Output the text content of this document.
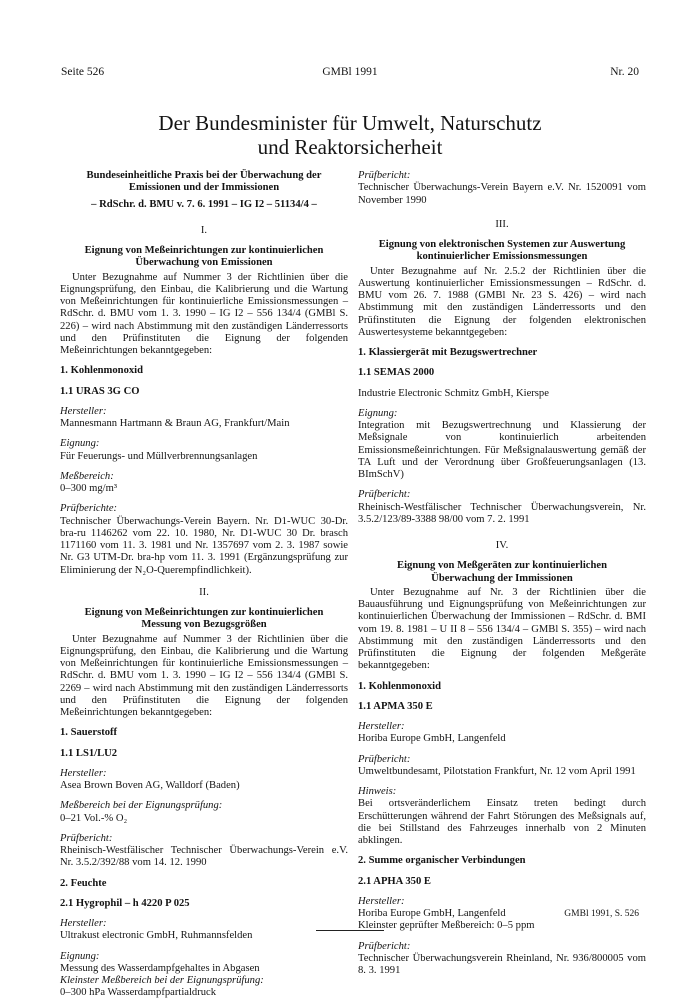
Seite 526	GMBl 1991	Nr. 20
Der Bundesminister für Umwelt, Naturschutz
und Reaktorsicherheit
Bundeseinheitliche Praxis bei der Überwachung der
Emissionen und der Immissionen
– RdSchr. d. BMU v. 7. 6. 1991 – IG I2 – 51134/4 –
I.
Eignung von Meßeinrichtungen zur kontinuierlichen
Überwachung von Emissionen
Unter Bezugnahme auf Nummer 3 der Richtlinien über die Eignungsprüfung, den Einbau, die Kalibrierung und die Wartung von Meßeinrichtungen für kontinuierliche Emissionsmessungen – RdSchr. d. BMU vom 1. 3. 1990 – IG I2 – 556 134/4 (GMBl S. 226) – wird nach Abstimmung mit den zuständigen Länderressorts und den Prüfinstituten die Eignung der folgenden Meßeinrichtungen bekanntgegeben:
1. Kohlenmonoxid
1.1 URAS 3G CO
Hersteller:
Mannesmann Hartmann & Braun AG, Frankfurt/Main
Eignung:
Für Feuerungs- und Müllverbrennungsanlagen
Meßbereich:
0–300 mg/m³
Prüfberichte:
Technischer Überwachungs-Verein Bayern. Nr. D1-WUC 30-Dr. bra-ru 1146262 vom 22. 10. 1980, Nr. D1-WUC 30 Dr. brasch 1171160 vom 11. 3. 1981 und Nr. 1357697 vom 2. 3. 1987 sowie Nr. G3 UTM-Dr. bra-hp vom 11. 3. 1991 (Ergänzungsprüfung zur Eliminierung der N₂O-Querempfindlichkeit).
II.
Eignung von Meßeinrichtungen zur kontinuierlichen
Messung von Bezugsgrößen
Unter Bezugnahme auf Nummer 3 der Richtlinien über die Eignungsprüfung, den Einbau, die Kalibrierung und die Wartung von Meßeinrichtungen für kontinuierliche Emissionsmessungen – RdSchr. d. BMU vom 1. 3. 1990 – IG I2 – 556 134/4 (GMBl S. 2269 – wird nach Abstimmung mit den zuständigen Länderressorts und den Prüfinstituten die Eignung der folgenden Meßeinrichtungen bekanntgegeben:
1. Sauerstoff
1.1 LS1/LU2
Hersteller:
Asea Brown Boven AG, Walldorf (Baden)
Meßbereich bei der Eignungsprüfung:
0–21 Vol.-% O₂
Prüfbericht:
Rheinisch-Westfälischer Technischer Überwachungs-Verein e.V. Nr. 3.5.2/392/88 vom 14. 12. 1990
2. Feuchte
2.1 Hygrophil – h 4220 P 025
Hersteller:
Ultrakust electronic GmbH, Ruhmannsfelden
Eignung:
Messung des Wasserdampfgehaltes in Abgasen
Kleinster Meßbereich bei der Eignungsprüfung:
0–300 hPa Wasserdampfpartialdruck
Prüfbericht:
Technischer Überwachungs-Verein Bayern e.V. Nr. 1520091 vom November 1990
III.
Eignung von elektronischen Systemen zur Auswertung
kontinuierlicher Emissionsmessungen
Unter Bezugnahme auf Nr. 2.5.2 der Richtlinien über die Auswertung kontinuierlicher Emissionsmessungen – RdSchr. d. BMU vom 26. 7. 1988 (GMBl Nr. 23 S. 426) – wird nach Abstimmung mit den zuständigen Länderressorts und den Prüfinstituten die Eignung der folgenden elektronischen Auswertesysteme bekanntgegeben:
1. Klassiergerät mit Bezugswertrechner
1.1 SEMAS 2000
Industrie Electronic Schmitz GmbH, Kierspe
Eignung:
Integration mit Bezugswertrechnung und Klassierung der Meßsignale von kontinuierlich arbeitenden Emissionsmeßeinrichtungen. Für Meßsignalauswertung gemäß der TA Luft und der Verordnung über Großfeuerungsanlagen (13. BImSchV)
Prüfbericht:
Rheinisch-Westfälischer Technischer Überwachungsverein, Nr. 3.5.2/123/89-3388 98/00 vom 7. 2. 1991
IV.
Eignung von Meßgeräten zur kontinuierlichen
Überwachung der Immissionen
Unter Bezugnahme auf Nr. 3 der Richtlinien über die Bauausführung und Eignungsprüfung von Meßeinrichtungen zur kontinuierlichen Überwachung der Immissionen – RdSchr. d. BMI vom 19. 8. 1981 – U II 8 – 556 134/4 – GMBl S. 355) – wird nach Abstimmung mit den zuständigen Länderressorts und den Prüfinstituten die Eignung der folgenden Meßgeräte bekanntgegeben:
1. Kohlenmonoxid
1.1 APMA 350 E
Hersteller:
Horiba Europe GmbH, Langenfeld
Prüfbericht:
Umweltbundesamt, Pilotstation Frankfurt, Nr. 12 vom April 1991
Hinweis:
Bei ortsveränderlichem Einsatz treten bedingt durch Erschütterungen während der Fahrt Störungen des Meßsignals auf, die bei Stillstand des Fahrzeuges innerhalb von 2 Minuten abklingen.
2. Summe organischer Verbindungen
2.1 APHA 350 E
Hersteller:
Horiba Europe GmbH, Langenfeld
Kleinster geprüfter Meßbereich: 0–5 ppm
Prüfbericht:
Technischer Überwachungsverein Rheinland, Nr. 936/800005 vom 8. 3. 1991
GMBl 1991, S. 526
